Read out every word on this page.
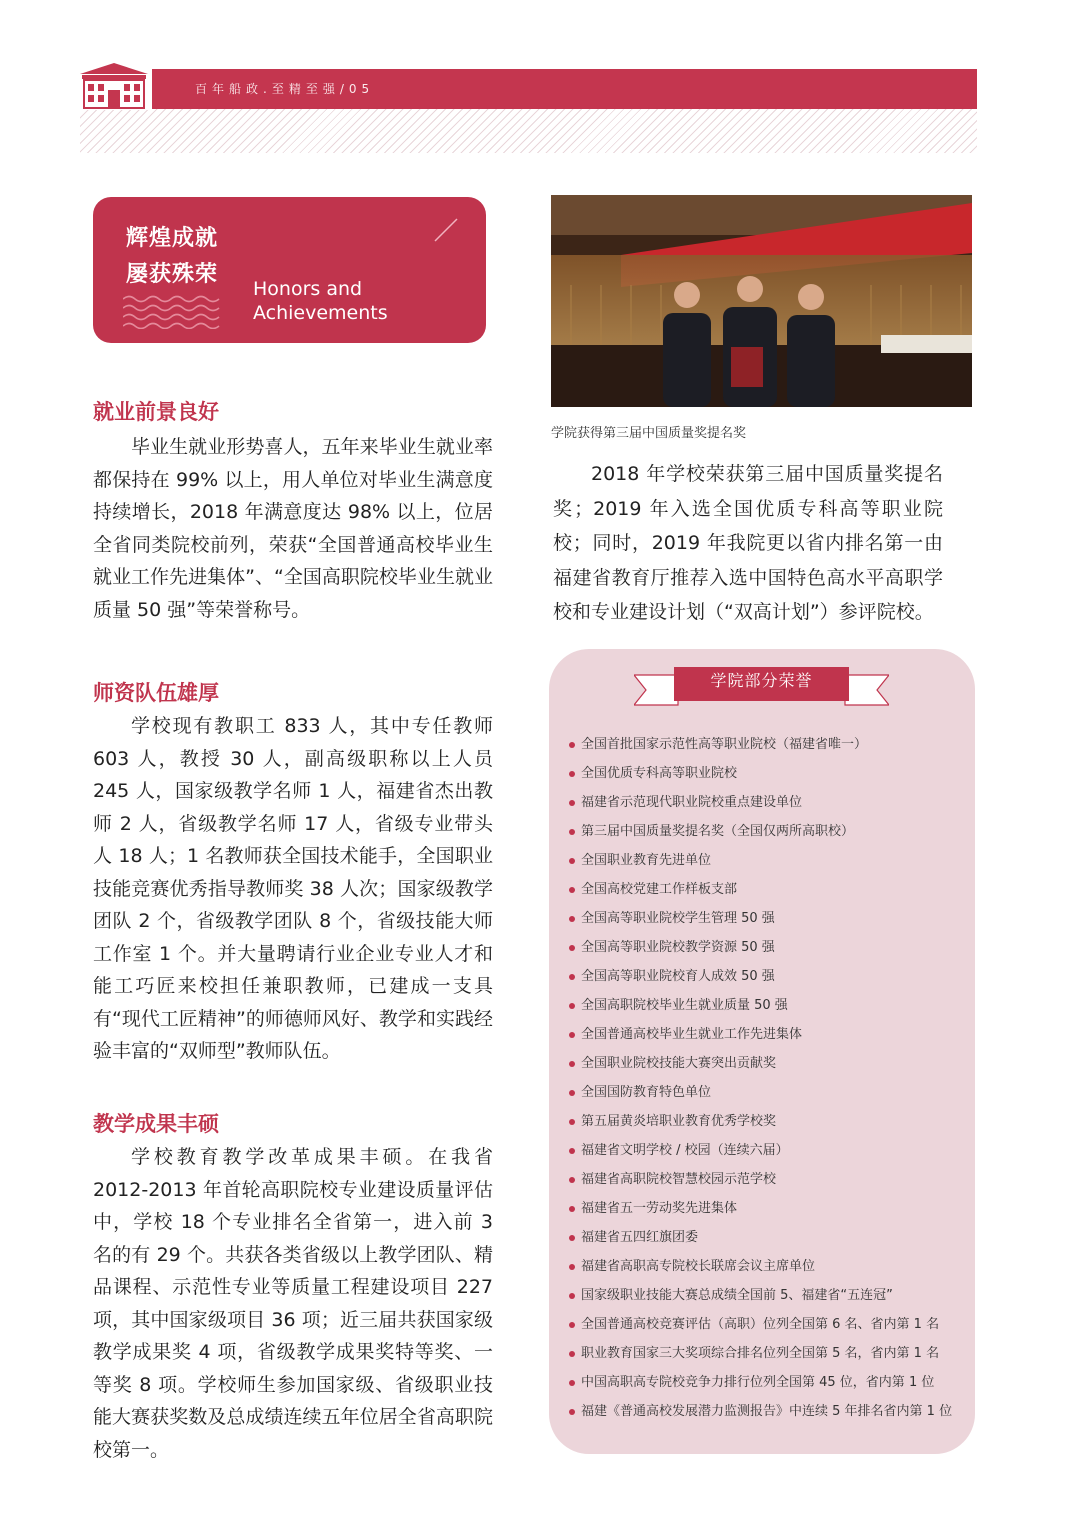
百年船政.至精至强/05
辉煌成就
屡获殊荣
Honors and
Achievements
就业前景良好
毕业生就业形势喜人，五年来毕业生就业率都保持在 99% 以上，用人单位对毕业生满意度持续增长，2018 年满意度达 98% 以上，位居全省同类院校前列，荣获“全国普通高校毕业生就业工作先进集体”、“全国高职院校毕业生就业质量 50 强”等荣誉称号。
师资队伍雄厚
学校现有教职工 833 人，其中专任教师 603 人，教授 30 人，副高级职称以上人员 245 人，国家级教学名师 1 人，福建省杰出教师 2 人，省级教学名师 17 人，省级专业带头人 18 人；1 名教师获全国技术能手，全国职业技能竞赛优秀指导教师奖 38 人次；国家级教学团队 2 个，省级教学团队 8 个，省级技能大师工作室 1 个。并大量聘请行业企业专业人才和能工巧匠来校担任兼职教师，已建成一支具有“现代工匠精神”的师德师风好、教学和实践经验丰富的“双师型”教师队伍。
教学成果丰硕
学校教育教学改革成果丰硕。在我省 2012-2013 年首轮高职院校专业建设质量评估中，学校 18 个专业排名全省第一，进入前 3 名的有 29 个。共获各类省级以上教学团队、精品课程、示范性专业等质量工程建设项目 227 项，其中国家级项目 36 项；近三届共获国家级教学成果奖 4 项，省级教学成果奖特等奖、一等奖 8 项。学校师生参加国家级、省级职业技能大赛获奖数及总成绩连续五年位居全省高职院校第一。
学院获得第三届中国质量奖提名奖
2018 年学校荣获第三届中国质量奖提名奖；2019 年入选全国优质专科高等职业院校；同时，2019 年我院更以省内排名第一由福建省教育厅推荐入选中国特色高水平高职学校和专业建设计划（“双高计划”）参评院校。
学院部分荣誉
全国首批国家示范性高等职业院校（福建省唯一）
全国优质专科高等职业院校
福建省示范现代职业院校重点建设单位
第三届中国质量奖提名奖（全国仅两所高职校）
全国职业教育先进单位
全国高校党建工作样板支部
全国高等职业院校学生管理 50 强
全国高等职业院校教学资源 50 强
全国高等职业院校育人成效 50 强
全国高职院校毕业生就业质量 50 强
全国普通高校毕业生就业工作先进集体
全国职业院校技能大赛突出贡献奖
全国国防教育特色单位
第五届黄炎培职业教育优秀学校奖
福建省文明学校 / 校园（连续六届）
福建省高职院校智慧校园示范学校
福建省五一劳动奖先进集体
福建省五四红旗团委
福建省高职高专院校长联席会议主席单位
国家级职业技能大赛总成绩全国前 5、福建省“五连冠”
全国普通高校竞赛评估（高职）位列全国第 6 名、省内第 1 名
职业教育国家三大奖项综合排名位列全国第 5 名，省内第 1 名
中国高职高专院校竞争力排行位列全国第 45 位，省内第 1 位
福建《普通高校发展潜力监测报告》中连续 5 年排名省内第 1 位
